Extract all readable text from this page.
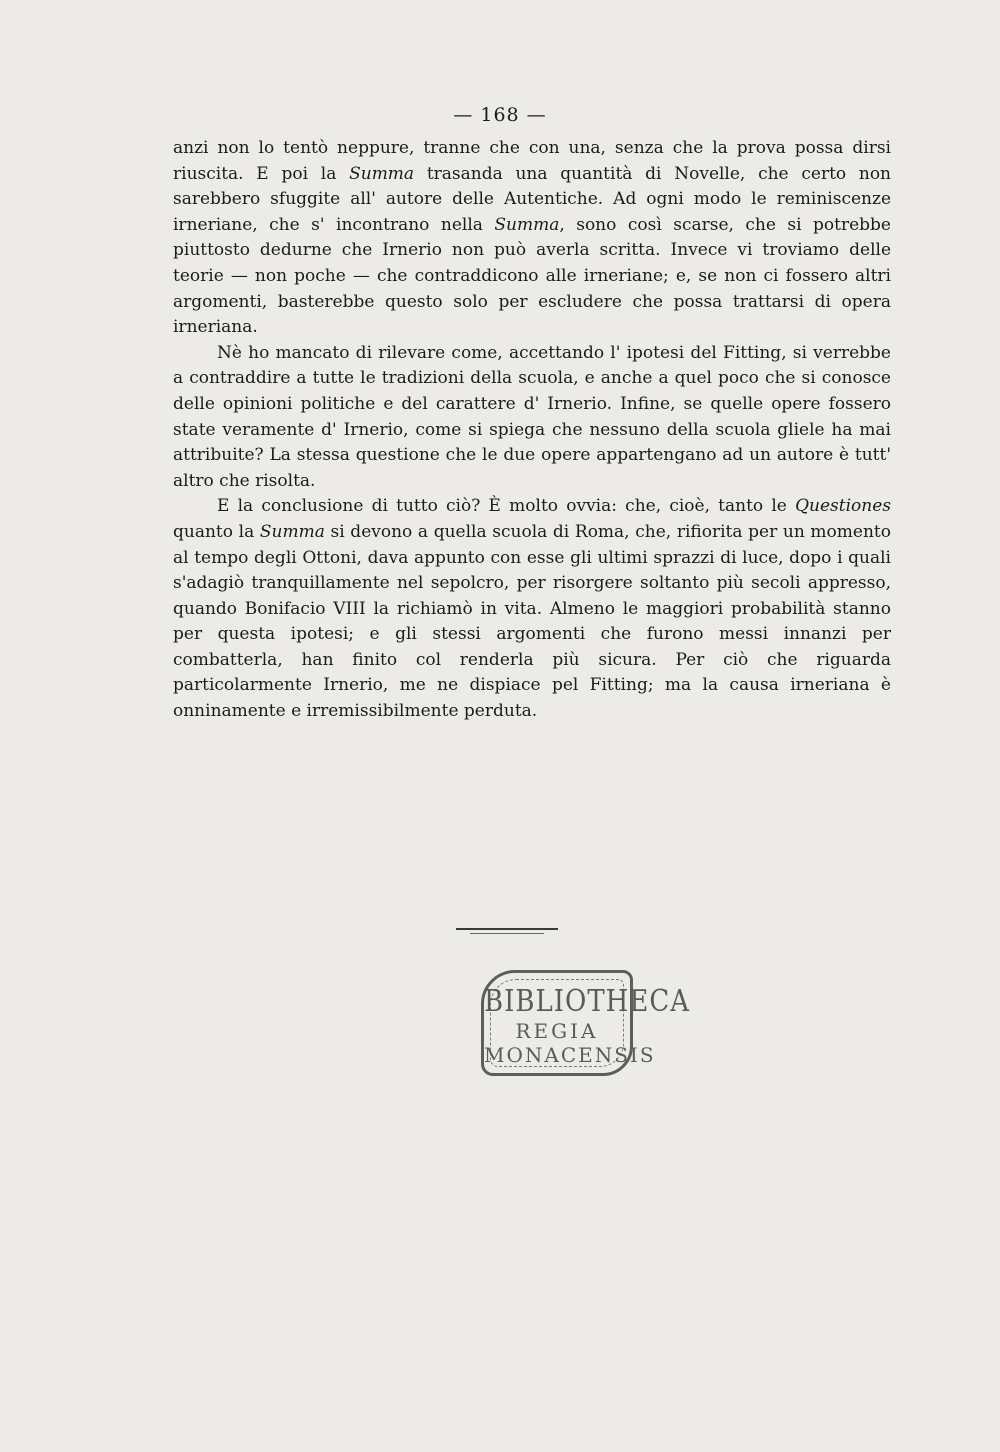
— 168 —

anzi non lo tentò neppure, tranne che con una, senza che la prova possa dirsi riuscita. E poi la Summa trasanda una quantità di Novelle, che certo non sarebbero sfuggite all' autore delle Autentiche. Ad ogni modo le reminiscenze irneriane, che s' incontrano nella Summa, sono così scarse, che si potrebbe piuttosto dedurne che Irnerio non può averla scritta. Invece vi troviamo delle teorie — non poche — che contraddicono alle irneriane; e, se non ci fossero altri argomenti, basterebbe questo solo per escludere che possa trattarsi di opera irneriana.

Nè ho mancato di rilevare come, accettando l' ipotesi del Fitting, si verrebbe a contraddire a tutte le tradizioni della scuola, e anche a quel poco che si conosce delle opinioni politiche e del carattere d' Irnerio. Infine, se quelle opere fossero state veramente d' Irnerio, come si spiega che nessuno della scuola gliele ha mai attribuite? La stessa questione che le due opere appartengano ad un autore è tutt' altro che risolta.

E la conclusione di tutto ciò? È molto ovvia: che, cioè, tanto le Questiones quanto la Summa si devono a quella scuola di Roma, che, rifiorita per un momento al tempo degli Ottoni, dava appunto con esse gli ultimi sprazzi di luce, dopo i quali s'adagiò tranquillamente nel sepolcro, per risorgere soltanto più secoli appresso, quando Bonifacio VIII la richiamò in vita. Almeno le maggiori probabilità stanno per questa ipotesi; e gli stessi argomenti che furono messi innanzi per combatterla, han finito col renderla più sicura. Per ciò che riguarda particolarmente Irnerio, me ne dispiace pel Fitting; ma la causa irneriana è onninamente e irremissibilmente perduta.

BIBLIOTHECA
REGIA
MONACENSIS
